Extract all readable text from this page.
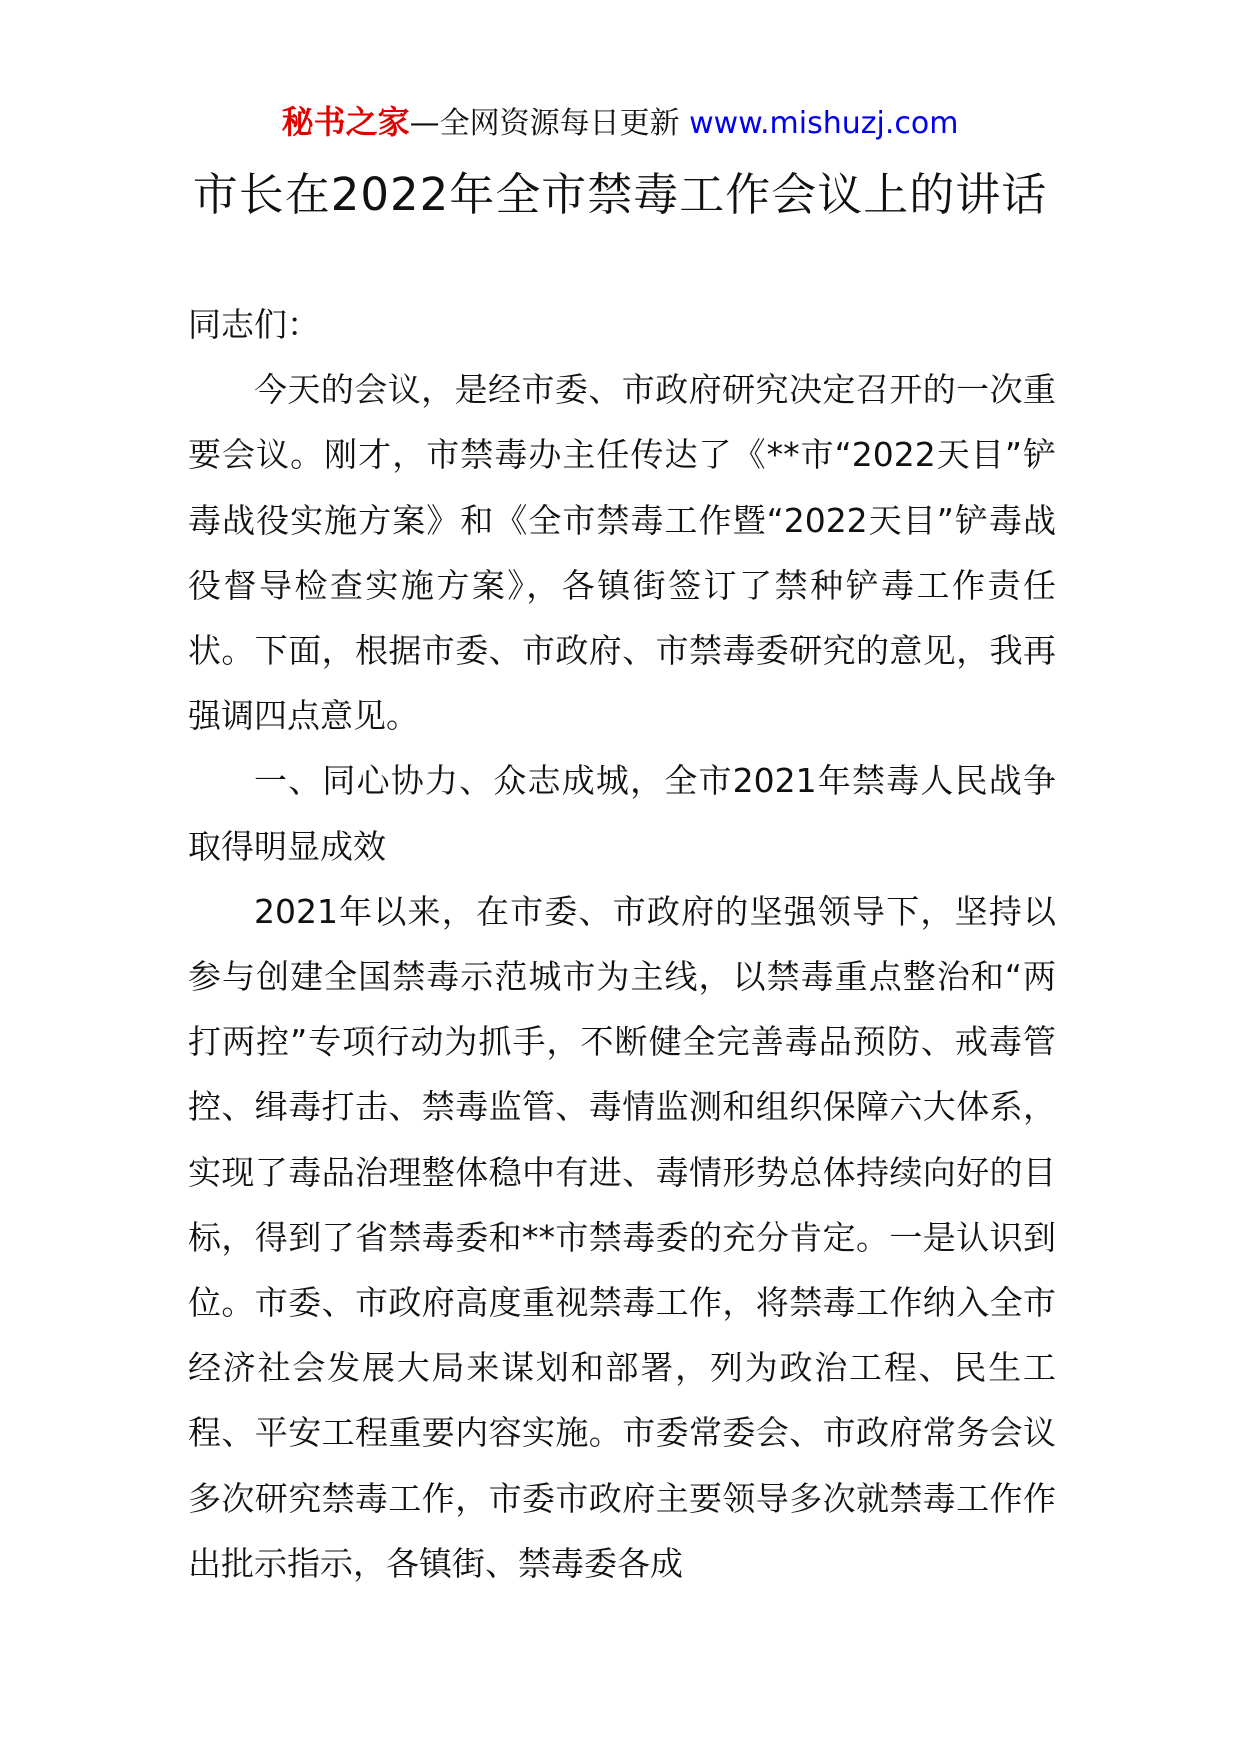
秘书之家—全网资源每日更新 www.mishuzj.com
市长在2022年全市禁毒工作会议上的讲话

同志们：

今天的会议，是经市委、市政府研究决定召开的一次重要会议。刚才，市禁毒办主任传达了《**市“2022天目”铲毒战役实施方案》和《全市禁毒工作暨“2022天目”铲毒战役督导检查实施方案》，各镇街签订了禁种铲毒工作责任状。下面，根据市委、市政府、市禁毒委研究的意见，我再强调四点意见。

一、同心协力、众志成城，全市2021年禁毒人民战争取得明显成效

2021年以来，在市委、市政府的坚强领导下，坚持以参与创建全国禁毒示范城市为主线，以禁毒重点整治和“两打两控”专项行动为抓手，不断健全完善毒品预防、戒毒管控、缉毒打击、禁毒监管、毒情监测和组织保障六大体系，实现了毒品治理整体稳中有进、毒情形势总体持续向好的目标，得到了省禁毒委和**市禁毒委的充分肯定。一是认识到位。市委、市政府高度重视禁毒工作，将禁毒工作纳入全市经济社会发展大局来谋划和部署，列为政治工程、民生工程、平安工程重要内容实施。市委常委会、市政府常务会议多次研究禁毒工作，市委市政府主要领导多次就禁毒工作作出批示指示，各镇街、禁毒委各成
